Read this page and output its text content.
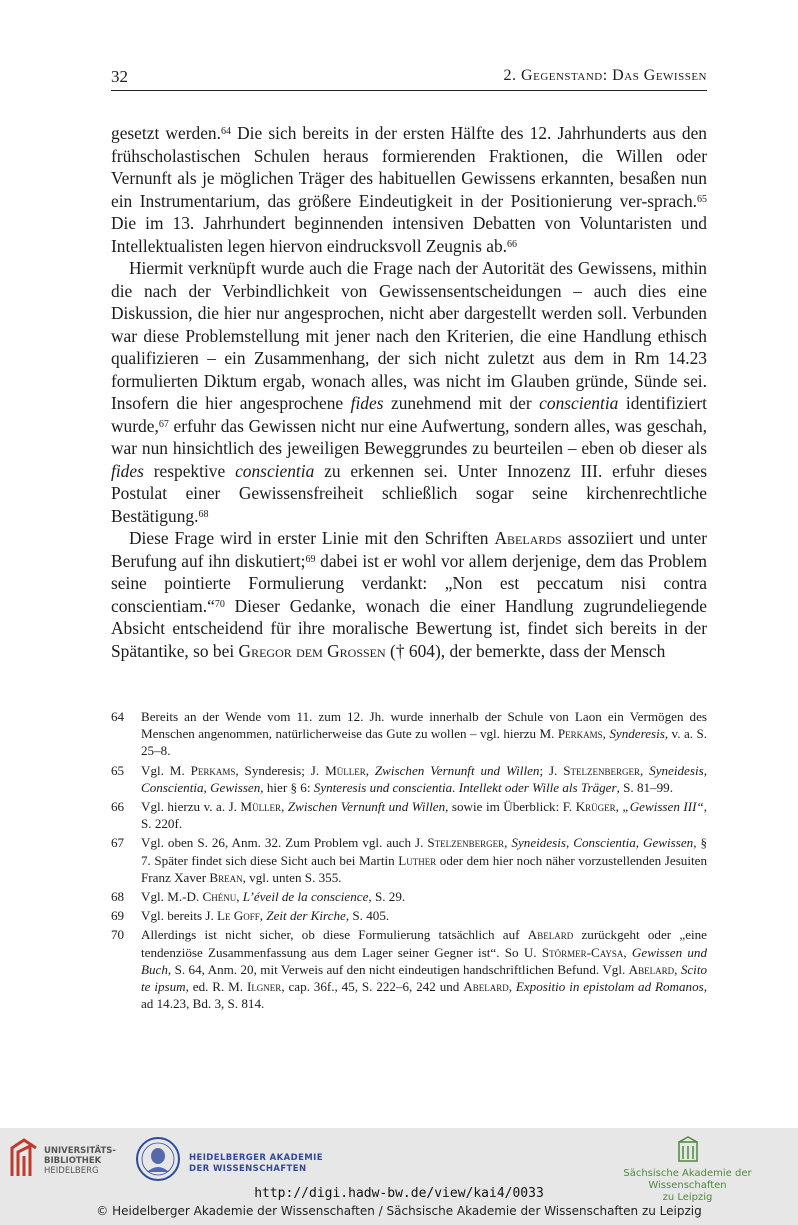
32	2. Gegenstand: Das Gewissen

gesetzt werden.$^{64}$ Die sich bereits in der ersten Hälfte des 12. Jahrhunderts aus den frühscholastischen Schulen heraus formierenden Fraktionen, die Willen oder Vernunft als je möglichen Träger des habituellen Gewissens erkannten, besaßen nun ein Instrumentarium, das größere Eindeutigkeit in der Positionierung ver-sprach.$^{65}$ Die im 13. Jahrhundert beginnenden intensiven Debatten von Voluntaristen und Intellektualisten legen hiervon eindrucksvoll Zeugnis ab.$^{66}$

Hiermit verknüpft wurde auch die Frage nach der Autorität des Gewissens, mithin die nach der Verbindlichkeit von Gewissensentscheidungen – auch dies eine Diskussion, die hier nur angesprochen, nicht aber dargestellt werden soll. Verbunden war diese Problemstellung mit jener nach den Kriterien, die eine Handlung ethisch qualifizieren – ein Zusammenhang, der sich nicht zuletzt aus dem in Rm 14.23 formulierten Diktum ergab, wonach alles, was nicht im Glauben gründe, Sünde sei. Insofern die hier angesprochene fides zunehmend mit der conscientia identifiziert wurde,$^{67}$ erfuhr das Gewissen nicht nur eine Aufwertung, sondern alles, was geschah, war nun hinsichtlich des jeweiligen Beweggrundes zu beurteilen – eben ob dieser als fides respektive conscientia zu erkennen sei. Unter Innozenz III. erfuhr dieses Postulat einer Gewissensfreiheit schließlich sogar seine kirchenrechtliche Bestätigung.$^{68}$

Diese Frage wird in erster Linie mit den Schriften Abelards assoziiert und unter Berufung auf ihn diskutiert;$^{69}$ dabei ist er wohl vor allem derjenige, dem das Problem seine pointierte Formulierung verdankt: „Non est peccatum nisi contra conscientiam.“$^{70}$ Dieser Gedanke, wonach die einer Handlung zugrundeliegende Absicht entscheidend für ihre moralische Bewertung ist, findet sich bereits in der Spätantike, so bei Gregor dem Grossen († 604), der bemerkte, dass der Mensch

64	Bereits an der Wende vom 11. zum 12. Jh. wurde innerhalb der Schule von Laon ein Vermögen des Menschen angenommen, natürlicherweise das Gute zu wollen – vgl. hierzu M. Perkams, Synderesis, v. a. S. 25–8.
65	Vgl. M. Perkams, Synderesis; J. Müller, Zwischen Vernunft und Willen; J. Stelzenberger, Syneidesis, Conscientia, Gewissen, hier § 6: Synteresis und conscientia. Intellekt oder Wille als Träger, S. 81–99.
66	Vgl. hierzu v. a. J. Müller, Zwischen Vernunft und Willen, sowie im Überblick: F. Krüger, „Gewissen III“, S. 220f.
67	Vgl. oben S. 26, Anm. 32. Zum Problem vgl. auch J. Stelzenberger, Syneidesis, Conscientia, Gewissen, § 7. Später findet sich diese Sicht auch bei Martin Luther oder dem hier noch näher vorzustellenden Jesuiten Franz Xaver Brean, vgl. unten S. 355.
68	Vgl. M.-D. Chénu, L’éveil de la conscience, S. 29.
69	Vgl. bereits J. Le Goff, Zeit der Kirche, S. 405.
70	Allerdings ist nicht sicher, ob diese Formulierung tatsächlich auf Abelard zurückgeht oder „eine tendenziöse Zusammenfassung aus dem Lager seiner Gegner ist“. So U. Störmer-Caysa, Gewissen und Buch, S. 64, Anm. 20, mit Verweis auf den nicht eindeutigen handschriftlichen Befund. Vgl. Abelard, Scito te ipsum, ed. R. M. Ilgner, cap. 36f., 45, S. 222–6, 242 und Abelard, Expositio in epistolam ad Romanos, ad 14.23, Bd. 3, S. 814.
UNIVERSITÄTS-
BIBLIOTHEK
HEIDELBERG
HEIDELBERGER AKADEMIE
DER WISSENSCHAFTEN	Sächsische Akademie der Wissenschaften
zu Leipzig
http://digi.hadw-bw.de/view/kai4/0033
© Heidelberger Akademie der Wissenschaften / Sächsische Akademie der Wissenschaften zu Leipzig
